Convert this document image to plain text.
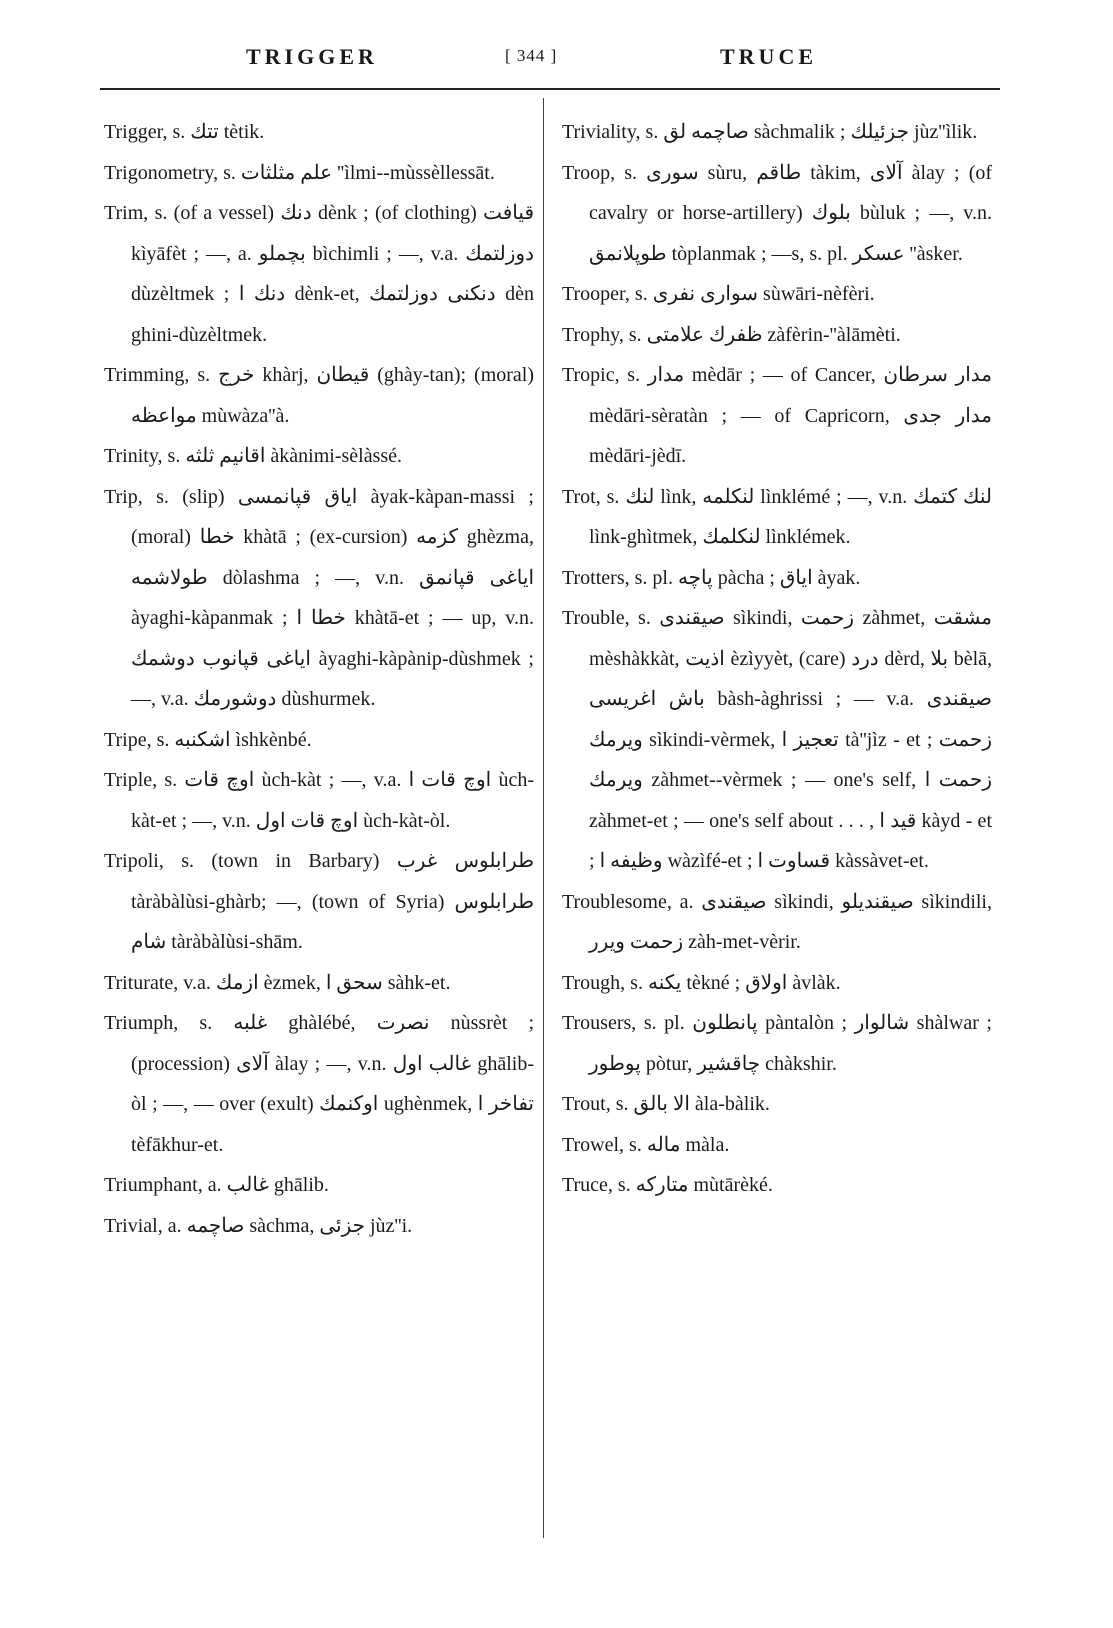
TRIGGER	[ 344 ]	TRUCE

Trigger, s. تتك tètik.

Trigonometry, s. علم مثلثات ''ìlmi--mùssèllessāt.

Trim, s. (of a vessel) دنك dènk ; (of clothing) قيافت kìyāfèt ; —, a. بچملو bìchimli ; —, v.a. دوزلتمك dùzèltmek ; دنك ا dènk-et, دنكنى دوزلتمك dèn ghini-dùzèltmek.

Trimming, s. خرج khàrj, قيطان (ghày-tan); (moral) مواعظه mùwàza''à.

Trinity, s. اقانيم ثلثه àkànimi-sèlàssé.

Trip, s. (slip) اياق قپانمسى àyak-kàpan-massi ; (moral) خطا khàtā ; (ex-cursion) كزمه ghèzma, طولاشمه dòlashma ; —, v.n. اياغى قپانمق àyaghi-kàpanmak ; خطا ا khàtā-et ; — up, v.n. اياغى قپانوب دوشمك àyaghi-kàpànip-dùshmek ; —, v.a. دوشورمك dùshurmek.

Tripe, s. اشكنبه ìshkènbé.

Triple, s. اوچ قات ùch-kàt ; —, v.a. اوچ قات ا ùch-kàt-et ; —, v.n. اوچ قات اول ùch-kàt-òl.

Tripoli, s. (town in Barbary) طرابلوس غرب tàràbàlùsi-ghàrb; —, (town of Syria) طرابلوس شام tàràbàlùsi-shām.

Triturate, v.a. ازمك èzmek, سحق ا sàhk-et.

Triumph, s. غلبه ghàlébé, نصرت nùssrèt ; (procession) آلاى àlay ; —, v.n. غالب اول ghālib-òl ; —, — over (exult) اوكنمك ughènmek, تفاخر ا tèfākhur-et.

Triumphant, a. غالب ghālib.

Trivial, a. صاچمه sàchma, جزئى jùz''i.

Triviality, s. صاچمه لق sàchmalik ; جزئيلك jùz''ìlik.

Troop, s. سورى sùru, طاقم tàkim, آلاى àlay ; (of cavalry or horse-artillery) بلوك bùluk ; —, v.n. طوپلانمق tòplanmak ; —s, s. pl. عسكر ''àsker.

Trooper, s. سوارى نفرى sùwāri-nèfèri.

Trophy, s. ظفرك علامتى zàfèrin-''àlāmèti.

Tropic, s. مدار mèdār ; — of Cancer, مدار سرطان mèdāri-sèratàn ; — of Capricorn, مدار جدى mèdāri-jèdī.

Trot, s. لنك lìnk, لنكلمه lìnklémé ; —, v.n. لنك كتمك lìnk-ghìtmek, لنكلمك lìnklémek.

Trotters, s. pl. پاچه pàcha ; اياق àyak.

Trouble, s. صيقندى sìkindi, زحمت zàhmet, مشقت mèshàkkàt, اذيت èzìyyèt, (care) درد dèrd, بلا bèlā, باش اغريسى bàsh-àghrissi ; — v.a. صيقندى ويرمك sìkindi-vèrmek, تعجيز ا tà''jìz - et ; زحمت ويرمك zàhmet--vèrmek ; — one's self, زحمت ا zàhmet-et ; — one's self about . . . , قيد ا kàyd - et ; وظيفه ا wàzìfé-et ; قساوت ا kàssàvet-et.

Troublesome, a. صيقندى sìkindi, صيقنديلو sìkindili, زحمت ويرر zàh-met-vèrir.

Trough, s. يكنه tèkné ; اولاق àvlàk.

Trousers, s. pl. پانطلون pàntalòn ; شالوار shàlwar ; پوطور pòtur, چاقشير chàkshir.

Trout, s. الا بالق àla-bàlik.

Trowel, s. ماله màla.

Truce, s. متاركه mùtārèké.
